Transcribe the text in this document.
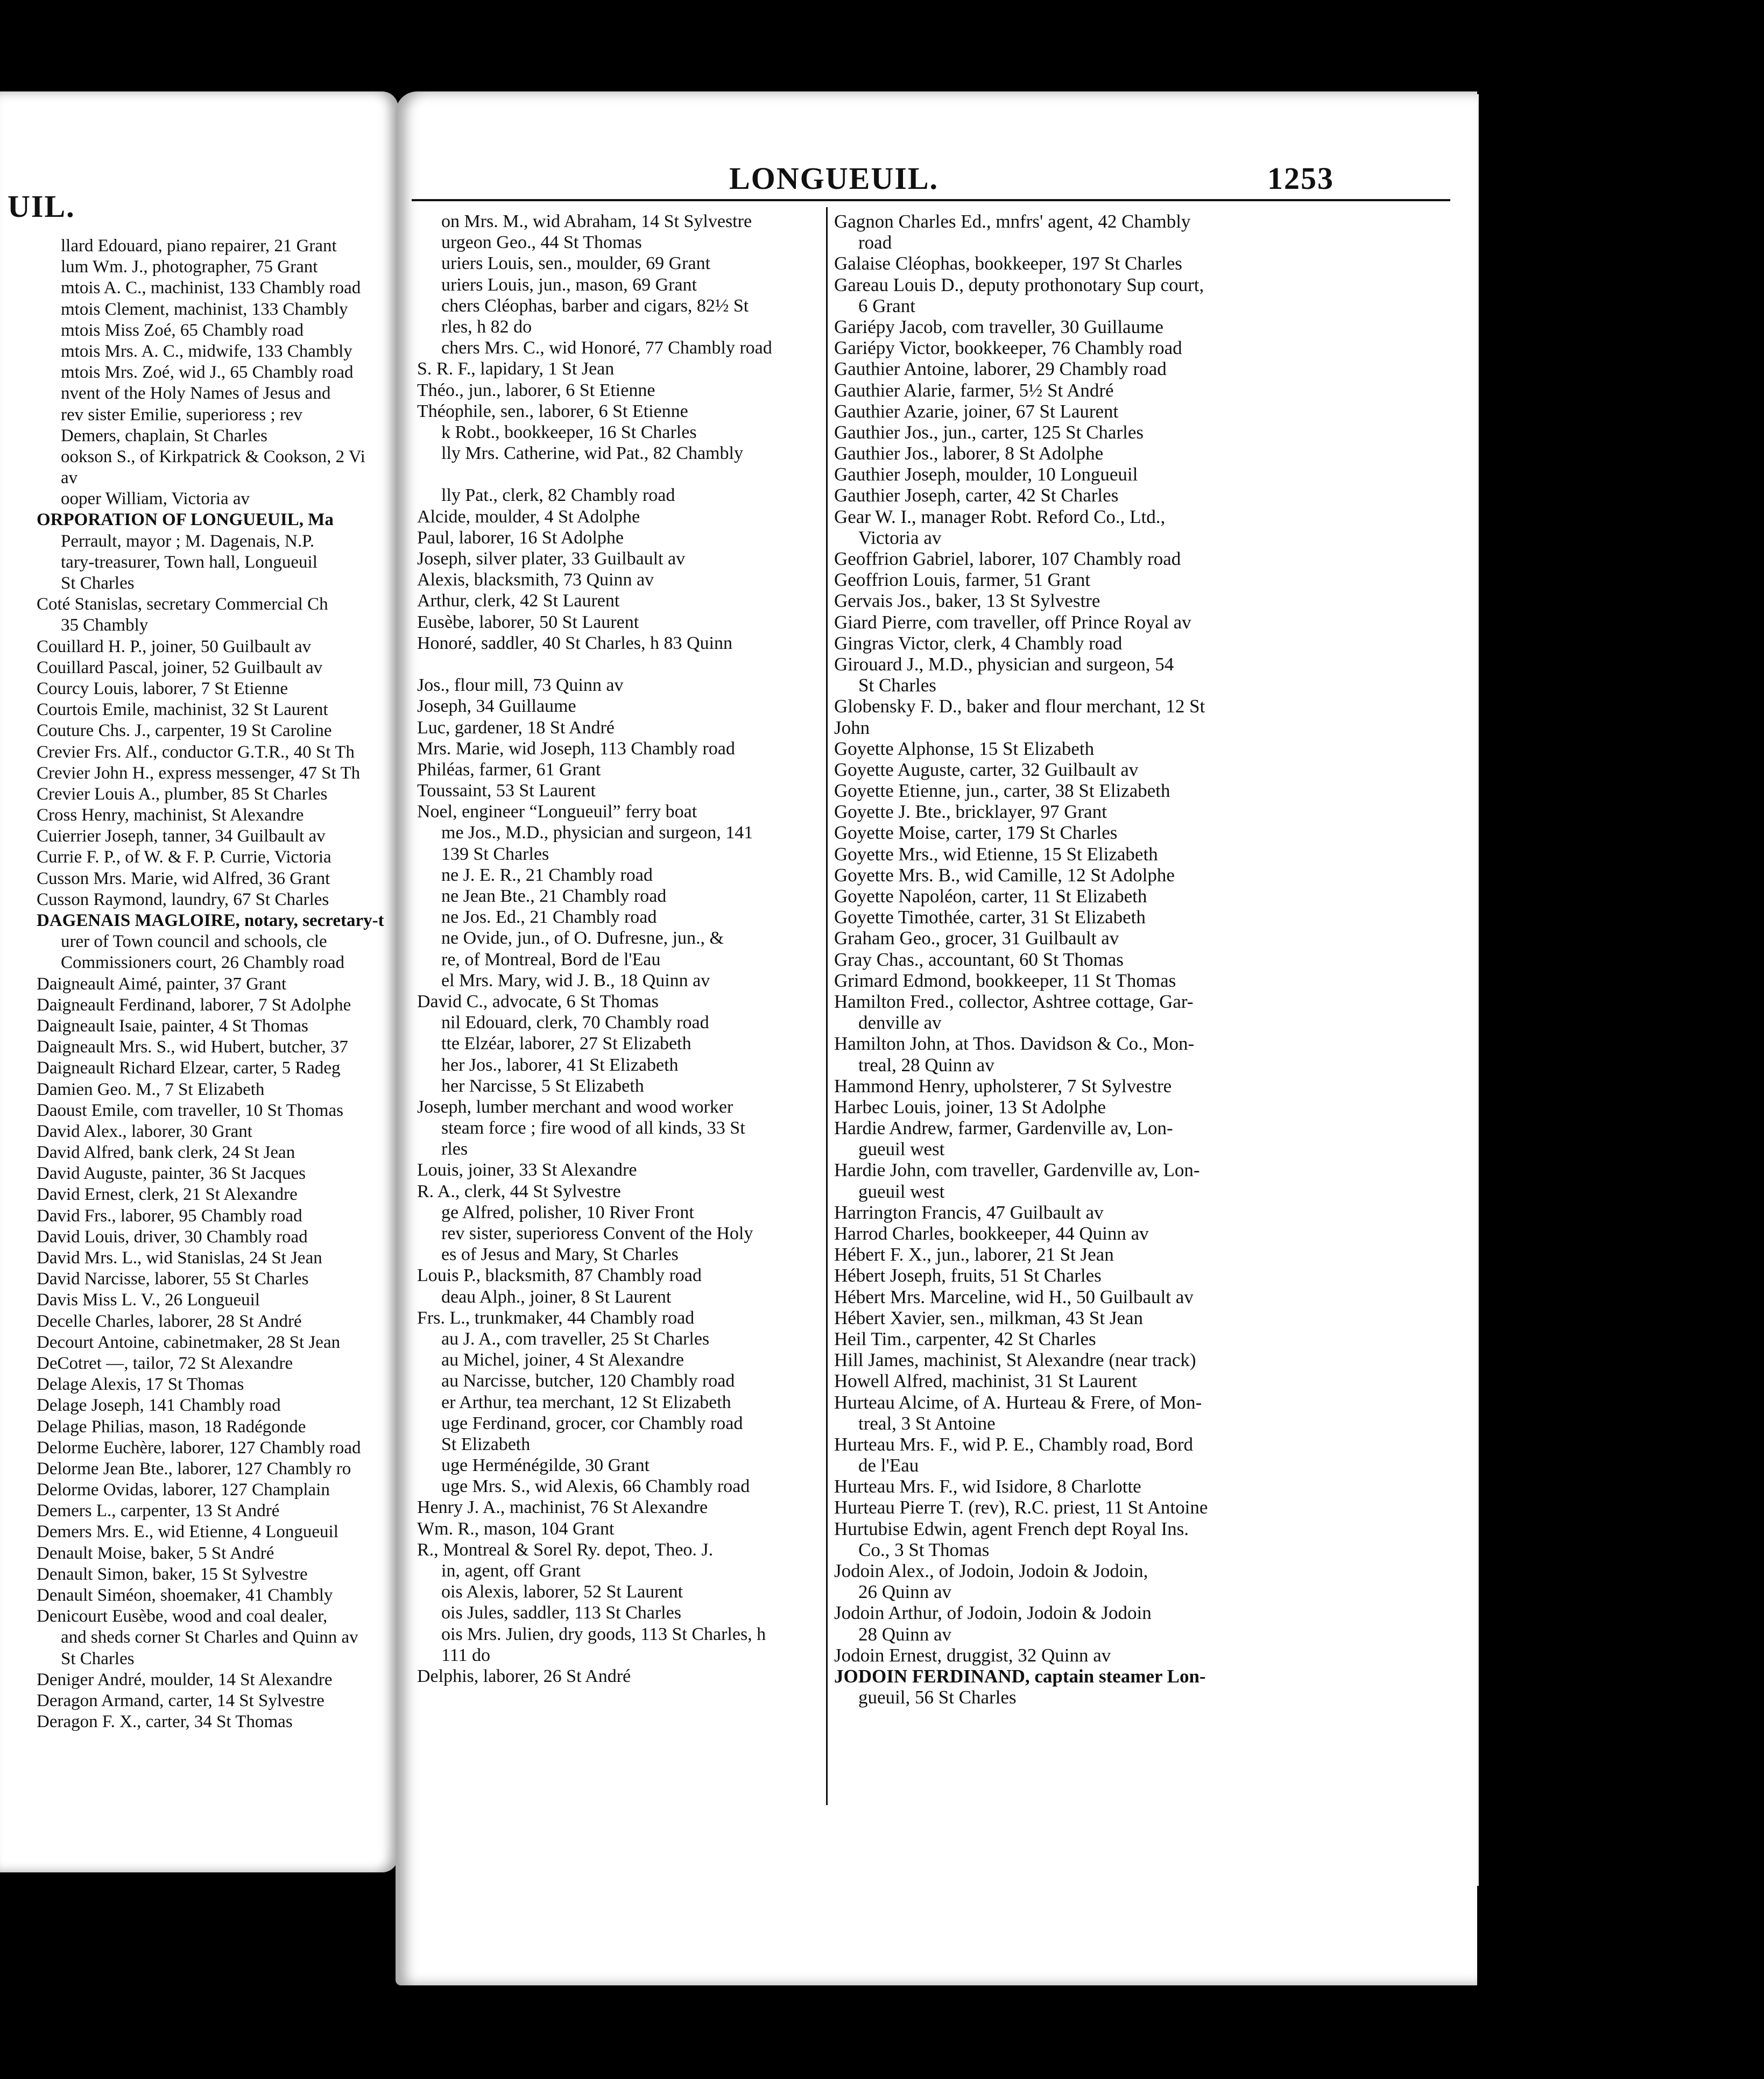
UIL.
llard Edouard, piano repairer, 21 Grant
lum Wm. J., photographer, 75 Grant
mtois A. C., machinist, 133 Chambly road
mtois Clement, machinist, 133 Chambly
mtois Miss Zoé, 65 Chambly road
mtois Mrs. A. C., midwife, 133 Chambly
mtois Mrs. Zoé, wid J., 65 Chambly road
nvent of the Holy Names of Jesus and
rev sister Emilie, superioress ; rev
Demers, chaplain, St Charles
ookson S., of Kirkpatrick & Cookson, 2 Vi
av
ooper William, Victoria av
ORPORATION OF LONGUEUIL, Ma
Perrault, mayor ; M. Dagenais, N.P.
tary-treasurer, Town hall, Longueuil
St Charles
Coté Stanislas, secretary Commercial Ch
35 Chambly
Couillard H. P., joiner, 50 Guilbault av
Couillard Pascal, joiner, 52 Guilbault av
Courcy Louis, laborer, 7 St Etienne
Courtois Emile, machinist, 32 St Laurent
Couture Chs. J., carpenter, 19 St Caroline
Crevier Frs. Alf., conductor G.T.R., 40 St Th
Crevier John H., express messenger, 47 St Th
Crevier Louis A., plumber, 85 St Charles
Cross Henry, machinist, St Alexandre
Cuierrier Joseph, tanner, 34 Guilbault av
Currie F. P., of W. & F. P. Currie, Victoria
Cusson Mrs. Marie, wid Alfred, 36 Grant
Cusson Raymond, laundry, 67 St Charles
DAGENAIS MAGLOIRE, notary, secretary-t
urer of Town council and schools, cle
Commissioners court, 26 Chambly road
Daigneault Aimé, painter, 37 Grant
Daigneault Ferdinand, laborer, 7 St Adolphe
Daigneault Isaie, painter, 4 St Thomas
Daigneault Mrs. S., wid Hubert, butcher, 37
Daigneault Richard Elzear, carter, 5 Radeg
Damien Geo. M., 7 St Elizabeth
Daoust Emile, com traveller, 10 St Thomas
David Alex., laborer, 30 Grant
David Alfred, bank clerk, 24 St Jean
David Auguste, painter, 36 St Jacques
David Ernest, clerk, 21 St Alexandre
David Frs., laborer, 95 Chambly road
David Louis, driver, 30 Chambly road
David Mrs. L., wid Stanislas, 24 St Jean
David Narcisse, laborer, 55 St Charles
Davis Miss L. V., 26 Longueuil
Decelle Charles, laborer, 28 St André
Decourt Antoine, cabinetmaker, 28 St Jean
DeCotret —, tailor, 72 St Alexandre
Delage Alexis, 17 St Thomas
Delage Joseph, 141 Chambly road
Delage Philias, mason, 18 Radégonde
Delorme Euchère, laborer, 127 Chambly road
Delorme Jean Bte., laborer, 127 Chambly ro
Delorme Ovidas, laborer, 127 Champlain
Demers L., carpenter, 13 St André
Demers Mrs. E., wid Etienne, 4 Longueuil
Denault Moise, baker, 5 St André
Denault Simon, baker, 15 St Sylvestre
Denault Siméon, shoemaker, 41 Chambly
Denicourt Eusèbe, wood and coal dealer,
and sheds corner St Charles and Quinn av
St Charles
Deniger André, moulder, 14 St Alexandre
Deragon Armand, carter, 14 St Sylvestre
Deragon F. X., carter, 34 St Thomas
LONGUEUIL.	1253
on Mrs. M., wid Abraham, 14 St Sylvestre
urgeon Geo., 44 St Thomas
uriers Louis, sen., moulder, 69 Grant
uriers Louis, jun., mason, 69 Grant
chers Cléophas, barber and cigars, 82½ St
rles, h 82 do
chers Mrs. C., wid Honoré, 77 Chambly road
S. R. F., lapidary, 1 St Jean
Théo., jun., laborer, 6 St Etienne
Théophile, sen., laborer, 6 St Etienne
k Robt., bookkeeper, 16 St Charles
lly Mrs. Catherine, wid Pat., 82 Chambly
lly Pat., clerk, 82 Chambly road
Alcide, moulder, 4 St Adolphe
Paul, laborer, 16 St Adolphe
Joseph, silver plater, 33 Guilbault av
Alexis, blacksmith, 73 Quinn av
Arthur, clerk, 42 St Laurent
Eusèbe, laborer, 50 St Laurent
Honoré, saddler, 40 St Charles, h 83 Quinn
Jos., flour mill, 73 Quinn av
Joseph, 34 Guillaume
Luc, gardener, 18 St André
Mrs. Marie, wid Joseph, 113 Chambly road
Philéas, farmer, 61 Grant
Toussaint, 53 St Laurent
Noel, engineer “Longueuil” ferry boat
me Jos., M.D., physician and surgeon, 141
139 St Charles
ne J. E. R., 21 Chambly road
ne Jean Bte., 21 Chambly road
ne Jos. Ed., 21 Chambly road
ne Ovide, jun., of O. Dufresne, jun., &
re, of Montreal, Bord de l'Eau
el Mrs. Mary, wid J. B., 18 Quinn av
David C., advocate, 6 St Thomas
nil Edouard, clerk, 70 Chambly road
tte Elzéar, laborer, 27 St Elizabeth
her Jos., laborer, 41 St Elizabeth
her Narcisse, 5 St Elizabeth
Joseph, lumber merchant and wood worker
steam force ; fire wood of all kinds, 33 St
rles
Louis, joiner, 33 St Alexandre
R. A., clerk, 44 St Sylvestre
ge Alfred, polisher, 10 River Front
rev sister, superioress Convent of the Holy
es of Jesus and Mary, St Charles
Louis P., blacksmith, 87 Chambly road
deau Alph., joiner, 8 St Laurent
Frs. L., trunkmaker, 44 Chambly road
au J. A., com traveller, 25 St Charles
au Michel, joiner, 4 St Alexandre
au Narcisse, butcher, 120 Chambly road
er Arthur, tea merchant, 12 St Elizabeth
uge Ferdinand, grocer, cor Chambly road
St Elizabeth
uge Herménégilde, 30 Grant
uge Mrs. S., wid Alexis, 66 Chambly road
Henry J. A., machinist, 76 St Alexandre
Wm. R., mason, 104 Grant
R., Montreal & Sorel Ry. depot, Theo. J.
in, agent, off Grant
ois Alexis, laborer, 52 St Laurent
ois Jules, saddler, 113 St Charles
ois Mrs. Julien, dry goods, 113 St Charles, h
111 do
Delphis, laborer, 26 St André
Gagnon Charles Ed., mnfrs' agent, 42 Chambly
road
Galaise Cléophas, bookkeeper, 197 St Charles
Gareau Louis D., deputy prothonotary Sup court,
6 Grant
Gariépy Jacob, com traveller, 30 Guillaume
Gariépy Victor, bookkeeper, 76 Chambly road
Gauthier Antoine, laborer, 29 Chambly road
Gauthier Alarie, farmer, 5½ St André
Gauthier Azarie, joiner, 67 St Laurent
Gauthier Jos., jun., carter, 125 St Charles
Gauthier Jos., laborer, 8 St Adolphe
Gauthier Joseph, moulder, 10 Longueuil
Gauthier Joseph, carter, 42 St Charles
Gear W. I., manager Robt. Reford Co., Ltd.,
Victoria av
Geoffrion Gabriel, laborer, 107 Chambly road
Geoffrion Louis, farmer, 51 Grant
Gervais Jos., baker, 13 St Sylvestre
Giard Pierre, com traveller, off Prince Royal av
Gingras Victor, clerk, 4 Chambly road
Girouard J., M.D., physician and surgeon, 54
St Charles
Globensky F. D., baker and flour merchant, 12 St
John
Goyette Alphonse, 15 St Elizabeth
Goyette Auguste, carter, 32 Guilbault av
Goyette Etienne, jun., carter, 38 St Elizabeth
Goyette J. Bte., bricklayer, 97 Grant
Goyette Moise, carter, 179 St Charles
Goyette Mrs., wid Etienne, 15 St Elizabeth
Goyette Mrs. B., wid Camille, 12 St Adolphe
Goyette Napoléon, carter, 11 St Elizabeth
Goyette Timothée, carter, 31 St Elizabeth
Graham Geo., grocer, 31 Guilbault av
Gray Chas., accountant, 60 St Thomas
Grimard Edmond, bookkeeper, 11 St Thomas
Hamilton Fred., collector, Ashtree cottage, Gar-
denville av
Hamilton John, at Thos. Davidson & Co., Mon-
treal, 28 Quinn av
Hammond Henry, upholsterer, 7 St Sylvestre
Harbec Louis, joiner, 13 St Adolphe
Hardie Andrew, farmer, Gardenville av, Lon-
gueuil west
Hardie John, com traveller, Gardenville av, Lon-
gueuil west
Harrington Francis, 47 Guilbault av
Harrod Charles, bookkeeper, 44 Quinn av
Hébert F. X., jun., laborer, 21 St Jean
Hébert Joseph, fruits, 51 St Charles
Hébert Mrs. Marceline, wid H., 50 Guilbault av
Hébert Xavier, sen., milkman, 43 St Jean
Heil Tim., carpenter, 42 St Charles
Hill James, machinist, St Alexandre (near track)
Howell Alfred, machinist, 31 St Laurent
Hurteau Alcime, of A. Hurteau & Frere, of Mon-
treal, 3 St Antoine
Hurteau Mrs. F., wid P. E., Chambly road, Bord
de l'Eau
Hurteau Mrs. F., wid Isidore, 8 Charlotte
Hurteau Pierre T. (rev), R.C. priest, 11 St Antoine
Hurtubise Edwin, agent French dept Royal Ins.
Co., 3 St Thomas
Jodoin Alex., of Jodoin, Jodoin & Jodoin,
26 Quinn av
Jodoin Arthur, of Jodoin, Jodoin & Jodoin
28 Quinn av
Jodoin Ernest, druggist, 32 Quinn av
JODOIN FERDINAND, captain steamer Lon-
gueuil, 56 St Charles
